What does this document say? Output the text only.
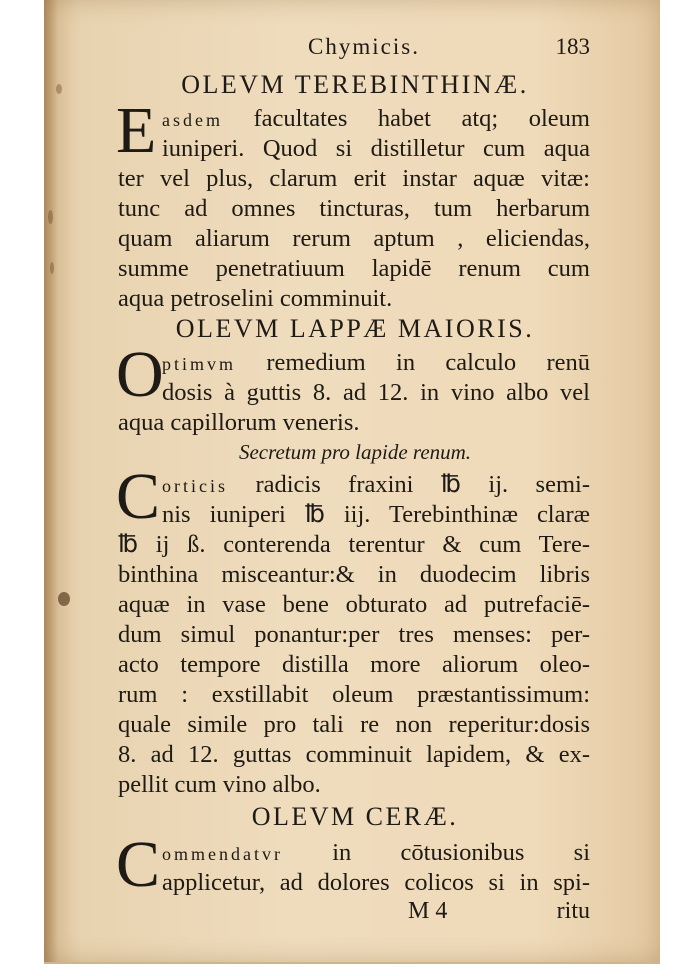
Chymicis.	183
OLEVM TEREBINTHINÆ.
E asdem facultates habet atq; oleum
iuniperi. Quod si distilletur cum aqua
ter vel plus, clarum erit instar aquæ vitæ:
tunc ad omnes tincturas, tum herbarum
quam aliarum rerum aptum , eliciendas,
summe penetratiuum lapidē renum cum
aqua petroselini comminuit.
OLEVM LAPPÆ MAIORIS.
O
ptimvm remedium in calculo renū
dosis à guttis 8. ad 12. in vino albo vel
aqua capillorum veneris.
Secretum pro lapide renum.
C orticis radicis fraxini ℔ ij. semi-
nis iuniperi ℔ iij. Terebinthinæ claræ
℔ ij ß. conterenda terentur & cum Tere-
binthina misceantur:& in duodecim libris
aquæ in vase bene obturato ad putrefaciē-
dum simul ponantur:per tres menses: per-
acto tempore distilla more aliorum oleo-
rum : exstillabit oleum præstantissimum:
quale simile pro tali re non reperitur:dosis
8. ad 12. guttas comminuit lapidem, & ex-
pellit cum vino albo.
OLEVM CERÆ.
C ommendatvr in cōtusionibus si
applicetur, ad dolores colicos si in spi-
M 4	ritu
